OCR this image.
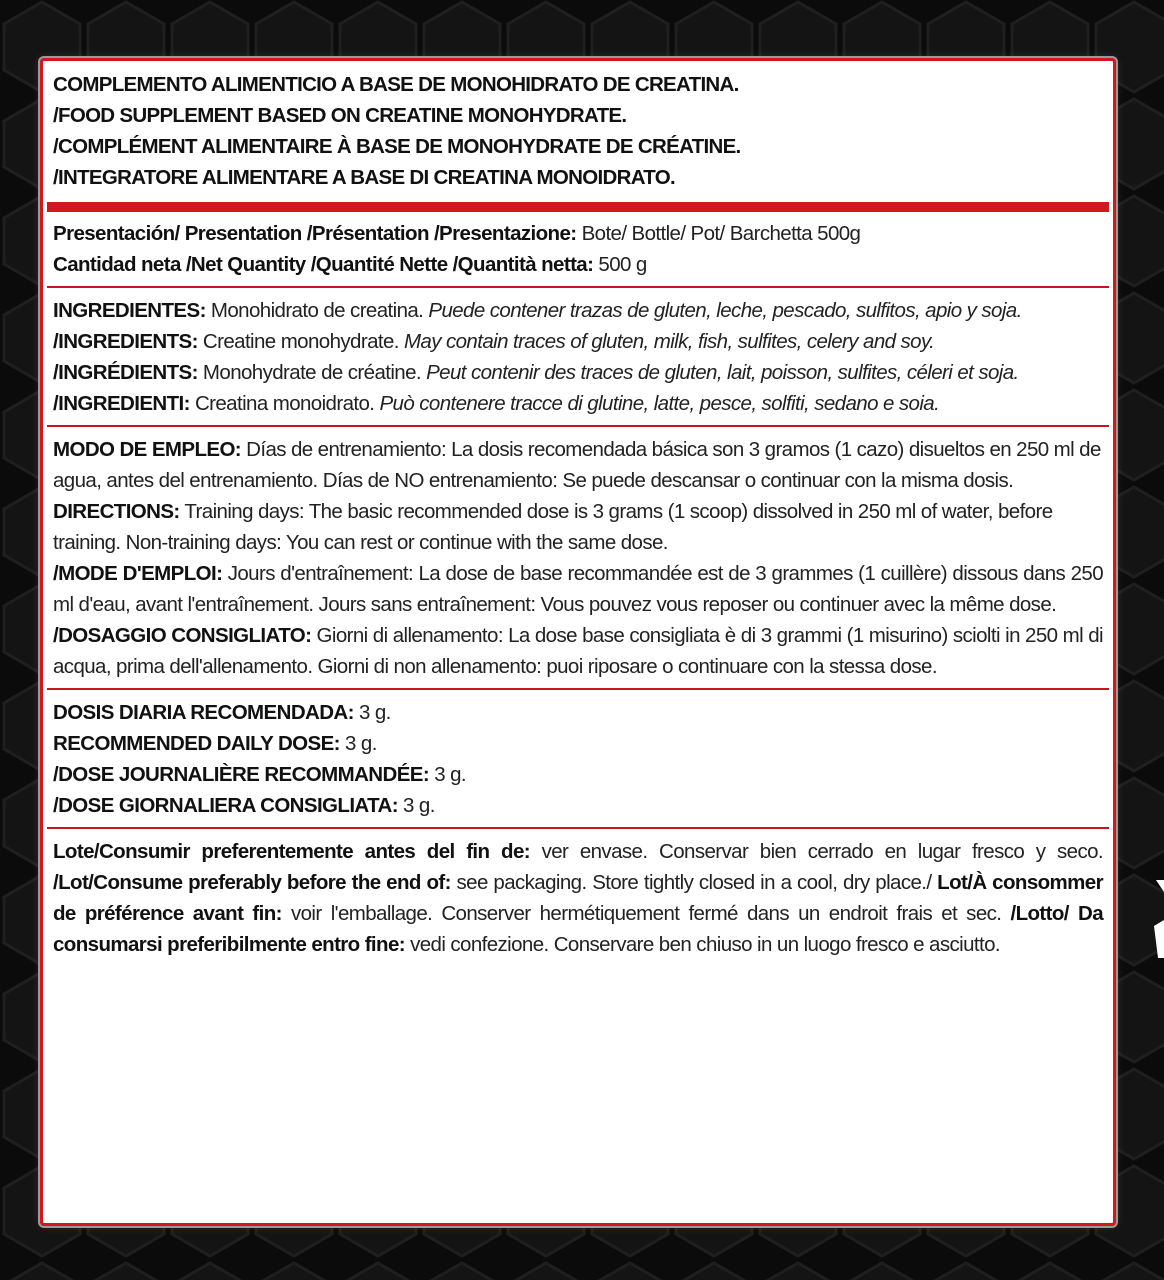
COMPLEMENTO ALIMENTICIO A BASE DE MONOHIDRATO DE CREATINA.
/FOOD SUPPLEMENT BASED ON CREATINE MONOHYDRATE.
/COMPLÉMENT ALIMENTAIRE À BASE DE MONOHYDRATE DE CRÉATINE.
/INTEGRATORE ALIMENTARE A BASE DI CREATINA MONOIDRATO.

Presentación/ Presentation /Présentation /Presentazione: Bote/ Bottle/ Pot/ Barchetta 500g

Cantidad neta /Net Quantity /Quantité Nette /Quantità netta: 500 g

INGREDIENTES: Monohidrato de creatina. Puede contener trazas de gluten, leche, pescado, sulfitos, apio y soja.

/INGREDIENTS: Creatine monohydrate. May contain traces of gluten, milk, fish, sulfites, celery and soy.

/INGRÉDIENTS: Monohydrate de créatine. Peut contenir des traces de gluten, lait, poisson, sulfites, céleri et soja.

/INGREDIENTI: Creatina monoidrato. Può contenere tracce di glutine, latte, pesce, solfiti, sedano e soia.

MODO DE EMPLEO: Días de entrenamiento: La dosis recomendada básica son 3 gramos (1 cazo) disueltos en 250 ml de agua, antes del entrenamiento. Días de NO entrenamiento: Se puede descansar o continuar con la misma dosis.

DIRECTIONS: Training days: The basic recommended dose is 3 grams (1 scoop) dissolved in 250 ml of water, before training. Non-training days: You can rest or continue with the same dose.

/MODE D'EMPLOI: Jours d'entraînement: La dose de base recommandée est de 3 grammes (1 cuillère) dissous dans 250 ml d'eau, avant l'entraînement. Jours sans entraînement: Vous pouvez vous reposer ou continuer avec la même dose.

/DOSAGGIO CONSIGLIATO: Giorni di allenamento: La dose base consigliata è di 3 grammi (1 misurino) sciolti in 250 ml di acqua, prima dell'allenamento. Giorni di non allenamento: puoi riposare o continuare con la stessa dose.

DOSIS DIARIA RECOMENDADA: 3 g.

RECOMMENDED DAILY DOSE: 3 g.

/DOSE JOURNALIÈRE RECOMMANDÉE: 3 g.

/DOSE GIORNALIERA CONSIGLIATA: 3 g.

Lote/Consumir preferentemente antes del fin de: ver envase. Conservar bien cerrado en lugar fresco y seco. /Lot/Consume preferably before the end of: see packaging. Store tightly closed in a cool, dry place./ Lot/À consommer de préférence avant fin: voir l'emballage. Conserver hermétiquement fermé dans un endroit frais et sec. /Lotto/ Da consumarsi preferibilmente entro fine: vedi confezione. Conservare ben chiuso in un luogo fresco e asciutto.
